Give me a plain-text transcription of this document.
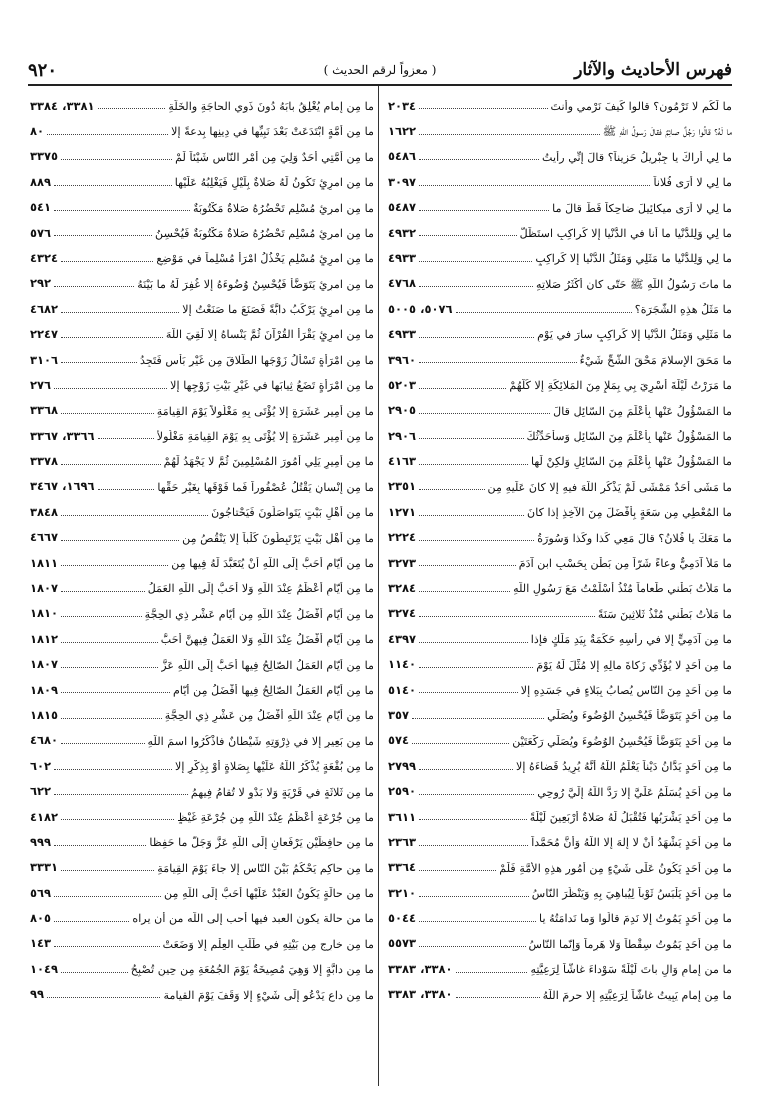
فهرس الأحاديث والآثار
( معزواً لرقم الحديث )
٩٢٠
ما لَكُم لا تَرْمُون؟ قالوا كَيفَ نَرْمي وأَنتَ
٢٠٣٤
ما لَهُ؟ قالُوا رَجُلٌ صائِمٌ فقالَ رَسولُ اللّهِ ﷺ
١٦٢٢
ما لِي أَراكَ يا جِبْرِيلُ حَزِيناً؟ قالَ إنِّي رأيتُ
٥٤٨٦
ما لِي لا أَرَى فُلاناً
٣٠٩٧
ما لِي لا أَرَى ميكائِيلَ ضاحِكاً قَطُّ قالَ ما
٥٤٨٧
ما لِي وَلِلدُّنْيا ما أنا في الدُّنْيا إلا كَراكِبٍ استَظَلَّ
٤٩٣٢
ما لِي وَلِلدُّنْيا ما مَثَلِي وَمَثَلُ الدُّنْيا إلا كَراكِبٍ
٤٩٣٣
ما ماتَ رَسُولُ اللّهِ ﷺ حَتّى كان أكْثَرُ صَلاتِهِ
٤٧٦٨
ما مَثَلُ هذِهِ الشَّجَرَة؟
٥٠٧٦، ٥٠٠٥
ما مَثَلِي وَمَثَلُ الدُّنْيا إلا كَراكِبٍ سارَ في يَوْمٍ
٤٩٣٣
ما مَحَقَ الإسلامَ مَحْقَ الشُّحِّ شَيْءٌ
٣٩٦٠
ما مَرَرْتُ لَيْلَةَ أُسْرِيَ بِي بِمَلإٍ مِنَ المَلائِكَةِ إلا كُلُّهُمْ
٥٢٠٣
ما المَسْؤُولُ عَنْها بِأَعْلَمَ مِنَ السّائِلِ قالَ
٢٩٠٥
ما المَسْؤُولُ عَنْها بِأَعْلَمَ مِنَ السّائِلِ وَسأُحَدِّثُكَ
٢٩٠٦
ما المَسْؤُولُ عَنْها بِأَعْلَمَ مِنَ السّائِلِ وَلكِنْ لَها
٤١٦٣
ما مَشَى أَحَدٌ مَمْشَى لَمْ يَذْكُرِ اللّهَ فيهِ إلا كانَ عَلَيهِ مِن
٢٣٥١
ما المُعْطِي مِن سَعَةٍ بِأَفْضَلَ مِنَ الآخِذِ إذا كانَ
١٢٧١
ما مَعَكَ يا فُلانُ؟ قالَ مَعِي كَذا وكَذا وَسُورَةُ
٢٢٢٤
ما مَلأَ آدَمِيٌّ وِعاءً شَرّاً مِن بَطْنٍ بِحَسْبِ ابنِ آدَمَ
٣٢٧٣
ما مَلأْتُ بَطْني طَعاماً مُنْذُ أَسْلَمْتُ مَعَ رَسُولِ اللّهِ
٣٢٨٤
ما مَلأْتُ بَطْني مُنْذُ ثَلاثِينَ سَنَةً
٣٢٧٤
ما مِن آدَمِيٍّ إلا في رأسِهِ حَكَمَةٌ بِيَدِ مَلَكٍ فإذا
٤٣٩٧
ما مِن أَحَدٍ لا يُؤَدِّي زَكاةَ مالِهِ إلا مُثِّلَ لَهُ يَوْمَ
١١٤٠
ما مِن أَحَدٍ مِنَ النّاسِ يُصابُ بِبَلاءٍ في جَسَدِهِ إلا
٥١٤٠
ما مِن أَحَدٍ يَتَوَضَّأُ فَيُحْسِنُ الوُضُوءَ ويُصَلِّي
٣٥٧
ما مِن أَحَدٍ يَتَوَضَّأُ فَيُحْسِنُ الوُضُوءَ ويُصَلِّي رَكْعَتَيْنِ
٥٧٤
ما مِن أَحَدٍ يَدَّانُ دَيْناً يَعْلَمُ اللّهُ أنَّهُ يُرِيدُ قَضاءَهُ إلا
٢٧٩٩
ما مِن أَحَدٍ يُسَلِّمُ عَلَيَّ إلا رَدَّ اللّهُ إلَيَّ رُوحِي
٢٥٩٠
ما مِن أَحَدٍ يَشْرَبُها فَتُقْبَلُ لَهُ صَلاةٌ أَرْبَعِينَ لَيْلَةً
٣٦١١
ما مِن أَحَدٍ يَشْهَدُ أنْ لا إلهَ إلا اللّهُ وَأنَّ مُحَمَّداً
٢٣٦٣
ما مِن أَحَدٍ يَكُونُ عَلَى شَيْءٍ مِن أُمُورِ هذِهِ الأُمَّةِ فَلَمْ
٣٣٦٤
ما مِن أَحَدٍ يَلْبَسُ ثَوْباً لِيُباهِيَ بِهِ وَيَنْظُرَ النّاسُ
٣٢١٠
ما مِن أَحَدٍ يَمُوتُ إلا نَدِمَ قالُوا وَما نَدامَتُهُ يا
٥٠٤٤
ما مِن أَحَدٍ يَمُوتُ سِقْطاً وَلا هَرِماً وَإنّما النّاسُ
٥٥٧٣
ما من إمامٍ وَالٍ باتَ لَيْلَةً سَوْداءَ غاشّاً لِرَعِيَّتِهِ
٣٣٨٠، ٣٣٨٣
ما مِن إمامٍ يَبِيتُ غاشّاً لِرَعِيَّتِهِ إلا حرمَ اللّهُ
٣٣٨٠، ٣٣٨٣
ما مِن إمامٍ يُغْلِقُ بابَهُ دُونَ ذَوِي الحاجَةِ والخَلَّةِ
٣٣٨١، ٣٣٨٤
ما مِن أُمَّةٍ ابْتَدَعَتْ بَعْدَ نَبِيِّها في دِينِها بِدعةً إلا
٨٠
ما مِن أُمَّتِي أَحَدٌ وَلِيَ مِن أَمْرِ النّاسِ شَيْئاً لَمْ
٣٣٧٥
ما مِن امرِئٍ تَكُونُ لَهُ صَلاةٌ بِلَيْلٍ فَيَغْلِبُهُ عَلَيْها
٨٨٩
ما مِن امرِئٍ مُسْلِمٍ تَحْضُرُهُ صَلاةٌ مَكْتُوبَةٌ
٥٤١
ما مِن امرِئٍ مُسْلِمٍ تَحْضُرُهُ صَلاةٌ مَكْتُوبَةٌ فَيُحْسِنُ
٥٧٦
ما مِن امرِئٍ مُسْلِمٍ يَخْذُلُ امْرَأً مُسْلِماً في مَوْضِعٍ
٤٣٢٤
ما مِن امرِئٍ يَتَوَضَّأُ فَيُحْسِنُ وُضُوءَهُ إلا غُفِرَ لَهُ ما بَيْنَهُ
٢٩٢
ما مِن امرِئٍ يَرْكَبُ دابَّةً فَصَنَعَ ما صَنَعْتُ إلا
٤٦٨٢
ما مِن امرِئٍ يَقْرَأُ القُرْآنَ ثُمَّ يَنْساهُ إلا لَقِيَ اللّهَ
٢٢٤٧
ما مِن امْرَأَةٍ تَسْأَلُ زَوْجَها الطَّلاقَ مِن غَيْرِ بَأْسٍ فَتَجِدُ
٣١٠٦
ما مِن امْرَأَةٍ تَضَعُ ثِيابَها في غَيْرِ بَيْتِ زَوْجِها إلا
٢٧٦
ما مِن أَمِيرِ عَشَرَةٍ إلا يُؤْتَى بِهِ مَغْلُولاً يَوْمَ القِيامَةِ
٣٣٦٨
ما مِن أَمِيرِ عَشَرَةٍ إلا يُؤْتَى بِهِ يَوْمَ القِيامَةِ مَغْلُولاً
٣٣٦٦، ٣٣٦٧
ما مِن أَمِيرٍ يَلِي أُمُورَ المُسْلِمِينَ ثُمَّ لا يَجْهَدُ لَهُمْ
٣٣٧٨
ما مِن إنْسانٍ يَقْتُلُ عُصْفُوراً فَما فَوْقَها بِغَيْرِ حَقِّها
١٦٩٦، ٣٤٦٧
ما مِن أَهْلِ بَيْتٍ يَتَواصَلُونَ فَيَحْتاجُونَ
٣٨٤٨
ما مِن أَهْلِ بَيْتٍ يَرْتَبِطُونَ كَلْباً إلا يَنْقُصُ مِن
٤٦٦٧
ما مِن أَيّامٍ أَحَبُّ إلَى اللّهِ أنْ يُتَعَبَّدَ لَهُ فِيها مِن
١٨١١
ما مِن أَيّامٍ أَعْظَمُ عِنْدَ اللّهِ وَلا أَحَبُّ إلَى اللّهِ العَمَلُ
١٨٠٧
ما مِن أَيّامٍ أَفْضَلُ عِنْدَ اللّهِ مِن أَيّامِ عَشْرِ ذِي الحِجَّةِ
١٨١٠
ما مِن أَيّامٍ أَفْضَلُ عِنْدَ اللّهِ وَلا العَمَلُ فِيهِنَّ أَحَبُّ
١٨١٢
ما مِن أَيّامٍ العَمَلُ الصّالِحُ فِيها أَحَبُّ إلَى اللّهِ عَزَّ
١٨٠٧
ما مِن أَيّامٍ العَمَلُ الصّالِحُ فِيها أَفْضَلُ مِن أَيّامِ
١٨٠٩
ما مِن أَيّامٍ عِنْدَ اللّهِ أَفْضَلُ مِن عَشْرِ ذِي الحِجَّةِ
١٨١٥
ما مِن بَعِيرٍ إلا في ذِرْوَتِهِ شَيْطانٌ فاذْكُرُوا اسمَ اللّهِ
٤٦٨٠
ما مِن بُقْعَةٍ يُذْكَرُ اللّهُ عَلَيْها بِصَلاةٍ أَوْ بِذِكْرٍ إلا
٦٠٢
ما مِن ثَلاثَةٍ في قَرْيَةٍ وَلا بَدْوٍ لا تُقامُ فِيهِمُ
٦٢٢
ما مِن جُرْعَةٍ أَعْظَمُ عِنْدَ اللّهِ مِن جُرْعَةِ غَيْظٍ
٤١٨٢
ما مِن حافِظَيْنِ يَرْفَعانِ إلَى اللّهِ عَزَّ وَجَلَّ ما حَفِظا
٩٩٩
ما مِن حاكِمٍ يَحْكُمُ بَيْنَ النّاسِ إلا جاءَ يَوْمَ القِيامَةِ
٣٣٣١
ما مِن حالَةٍ يَكُونُ العَبْدُ عَلَيْها أَحَبُّ إلَى اللّهِ مِن
٥٦٩
ما من حالة يكون العبد فيها أحب إلى اللّه من أن يراه
٨٠٥
ما مِن خارِجٍ مِن بَيْتِهِ في طَلَبِ العِلْمِ إلا وَضَعَتْ
١٤٣
ما مِن دابَّةٍ إلا وَهِيَ مُصِيخَةٌ يَوْمَ الجُمُعَةِ مِن حِينِ تُصْبِحُ
١٠٤٩
ما مِن داعٍ يَدْعُو إلَى شَيْءٍ إلا وَقَفَ يَوْمَ القيامة
٩٩
